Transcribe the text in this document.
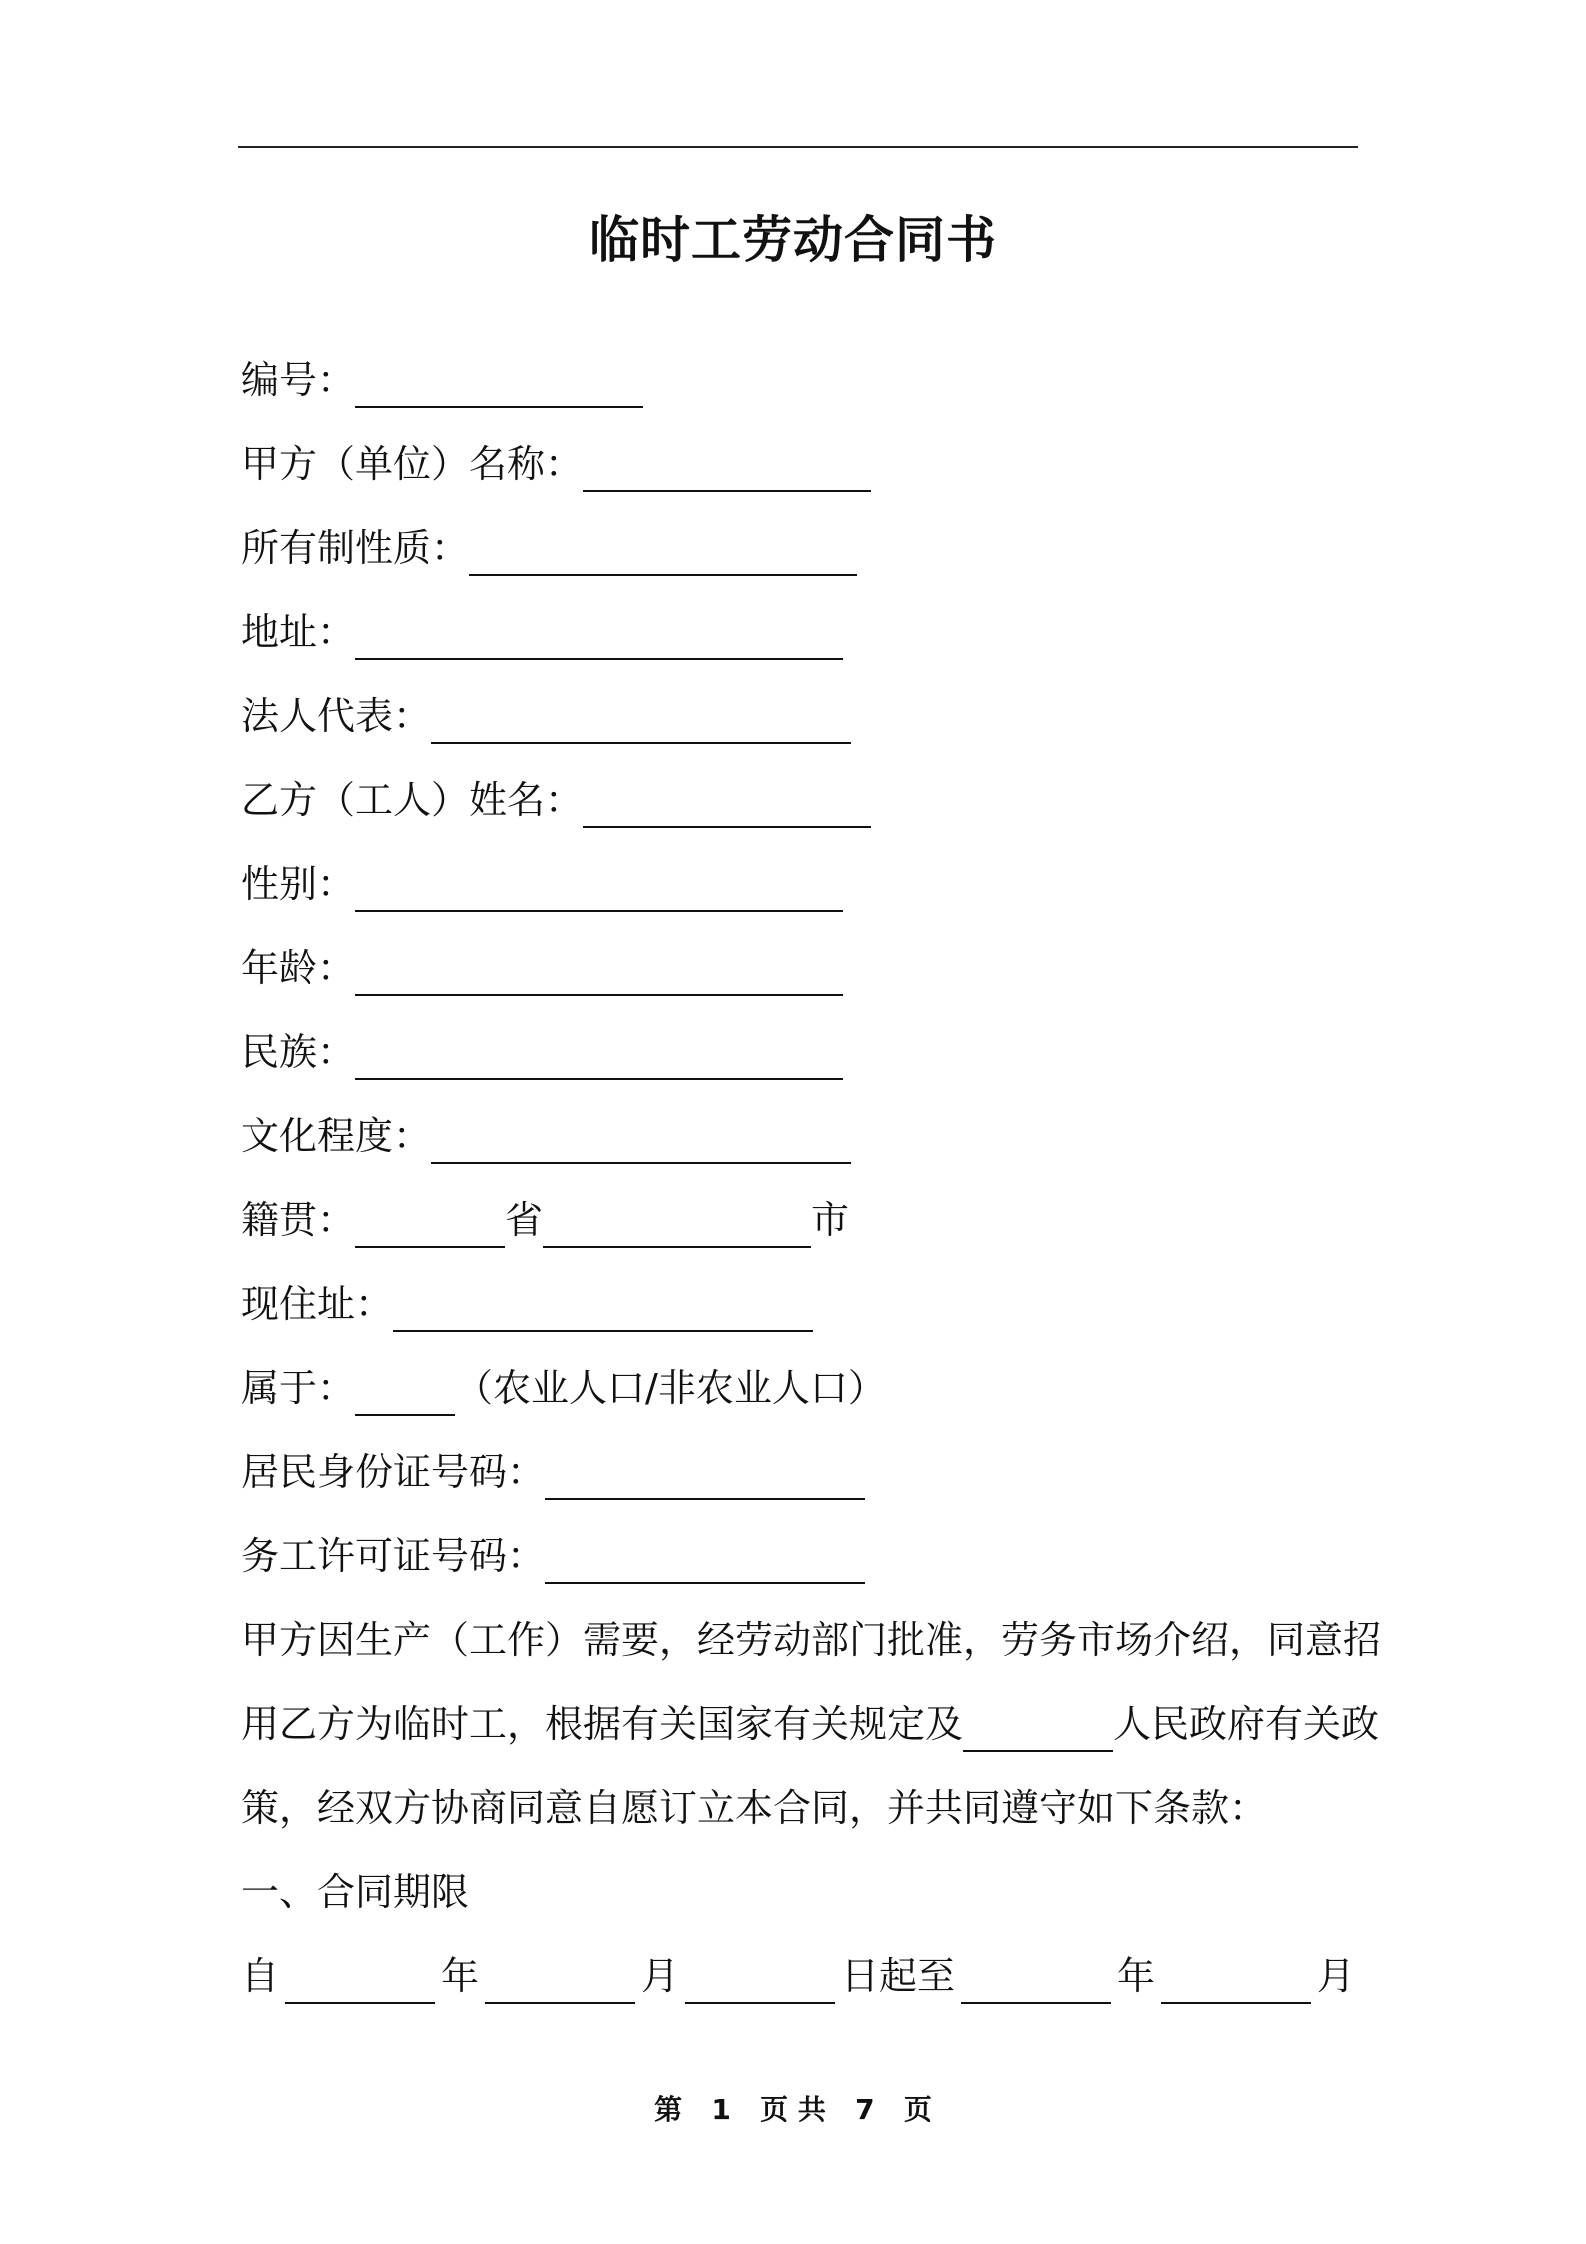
临时工劳动合同书
编号：
甲方（单位）名称：
所有制性质：
地址：
法人代表：
乙方（工人）姓名：
性别：
年龄：
民族：
文化程度：
籍贯：	省	市
现住址：
属于：	（农业人口/非农业人口）
居民身份证号码：
务工许可证号码：
甲方因生产（工作）需要，经劳动部门批准，劳务市场介绍，同意招
用乙方为临时工，根据有关国家有关规定及	人民政府有关政
策，经双方协商同意自愿订立本合同，并共同遵守如下条款：
一、合同期限
自	年	月	日起至	年	月
第 1 页 共 7 页
